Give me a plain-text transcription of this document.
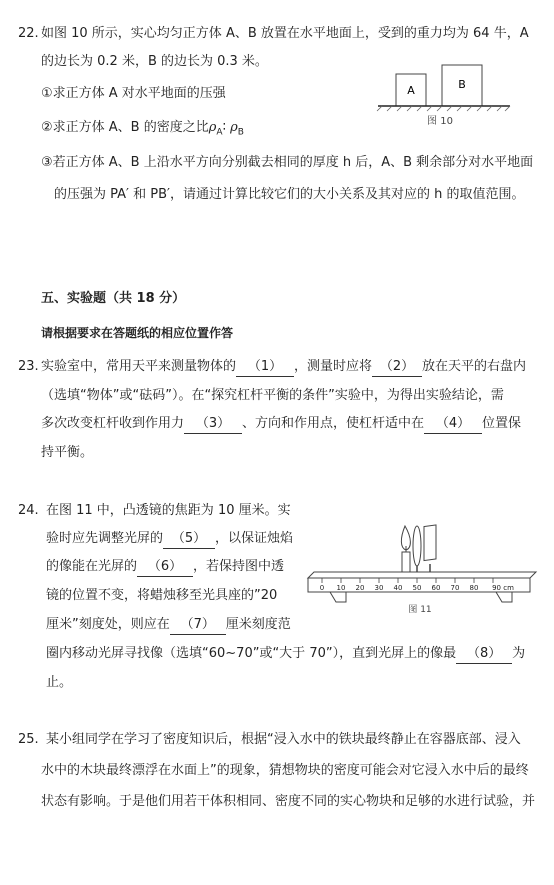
22. 如图 10 所示，实心均匀正方体 A、B 放置在水平地面上，受到的重力均为 64 牛，A
的边长为 0.2 米，B 的边长为 0.3 米。
①求正方体 A 对水平地面的压强
②求正方体 A、B 的密度之比$\rho_A∶$ $\rho_B$
③若正方体 A、B 上沿水平方向分别截去相同的厚度 h 后，A、B 剩余部分对水平地面
的压强为 PA′ 和 PB′，请通过计算比较它们的大小关系及其对应的 h 的取值范围。
A	B
图 10
五、实验题（共 18 分）
请根据要求在答题纸的相应位置作答
23. 实验室中，常用天平来测量物体的 （1） ，测量时应将 （2） 放在天平的右盘内
（选填“物体”或“砝码”）。在“探究杠杆平衡的条件”实验中，为得出实验结论，需
多次改变杠杆收到作用力 （3） 、方向和作用点，使杠杆适中在 （4） 位置保
持平衡。
24. 在图 11 中，凸透镜的焦距为 10 厘米。实
验时应先调整光屏的 （5） ，以保证烛焰
的像能在光屏的 （6） ，若保持图中透
镜的位置不变，将蜡烛移至光具座的”20
厘米”刻度处，则应在 （7） 厘米刻度范
圈内移动光屏寻找像（选填“60~70”或“大于 70”），直到光屏上的像最 （8） 为
止。
0 10 20 30 40 50 60 70 80 90 cm
图 11
25. 某小组同学在学习了密度知识后，根据“浸入水中的铁块最终静止在容器底部、浸入
水中的木块最终漂浮在水面上”的现象，猜想物块的密度可能会对它浸入水中后的最终
状态有影响。于是他们用若干体积相同、密度不同的实心物块和足够的水进行试验，并
